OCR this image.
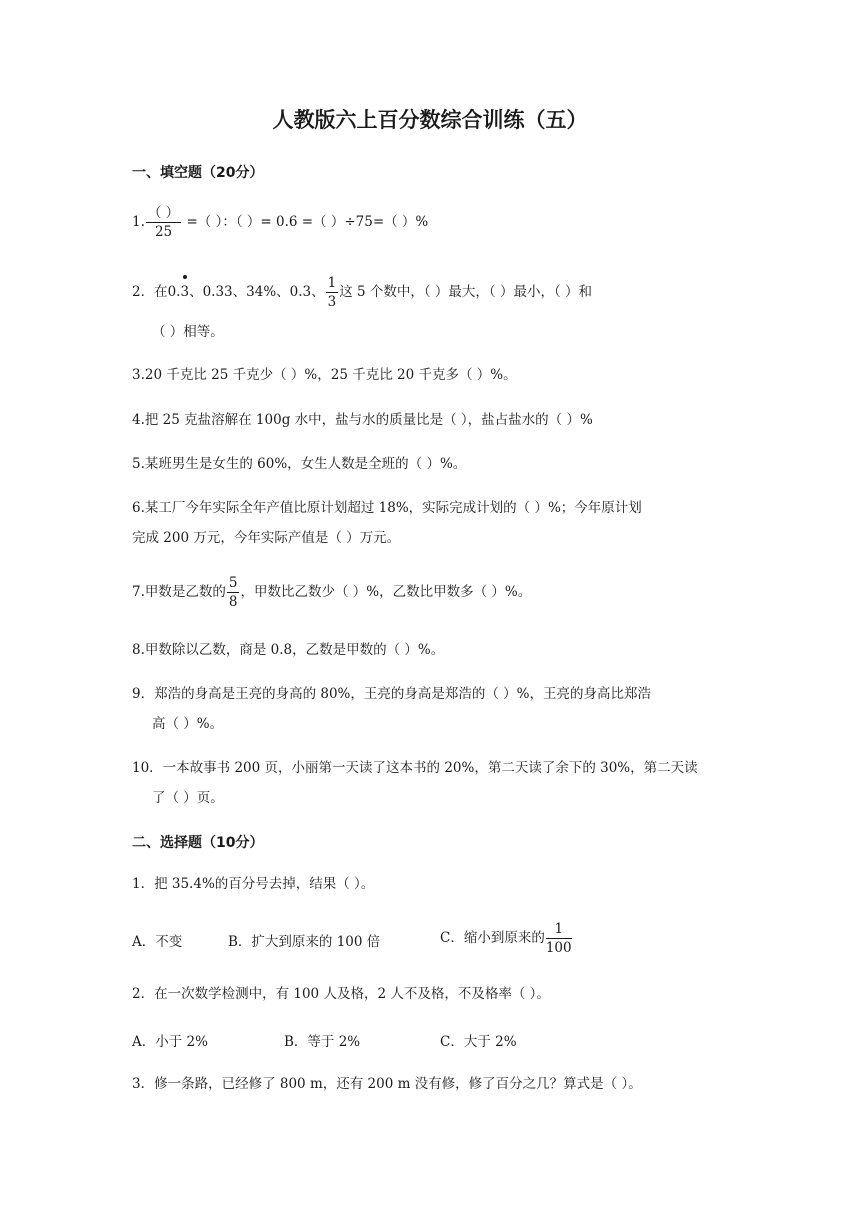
人教版六上百分数综合训练（五）
一、填空题（20分）
1. $\frac{( )}{25}$ =（ ）：（ ）= 0.6 =（ ）÷75=（ ）%
2．在0.
3、0.33、34%、0.3、 $\frac{1}{3}$ 这 5 个数中，（ ）最大，（ ）最小，（ ）和
（ ）相等。
3.20 千克比 25 千克少（ ）%，25 千克比 20 千克多（ ）%。
4.把 25 克盐溶解在 100g 水中，盐与水的质量比是（ ），盐占盐水的（ ）%
5.某班男生是女生的 60%，女生人数是全班的（ ）%。
6.某工厂今年实际全年产值比原计划超过 18%，实际完成计划的（ ）%；今年原计划
完成 200 万元，今年实际产值是（ ）万元。
7.甲数是乙数的 $\frac{5}{8}$ ，甲数比乙数少（ ）%，乙数比甲数多（ ）%。
8.甲数除以乙数，商是 0.8，乙数是甲数的（ ）%。
9．郑浩的身高是王亮的身高的 80%，王亮的身高是郑浩的（ ）%，王亮的身高比郑浩
高（ ）%。
10．一本故事书 200 页，小丽第一天读了这本书的 20%，第二天读了余下的 30%，第二天读
了（ ）页。
二、选择题（10分）
1．把 35.4%的百分号去掉，结果（ ）。
A．不变	B．扩大到原来的 100 倍	C．缩小到原来的 $\frac{1}{100}$
2．在一次数学检测中，有 100 人及格，2 人不及格，不及格率（ ）。
A．小于 2%	B．等于 2%	C．大于 2%
3．修一条路，已经修了 800 m，还有 200 m 没有修，修了百分之几？算式是（ ）。
